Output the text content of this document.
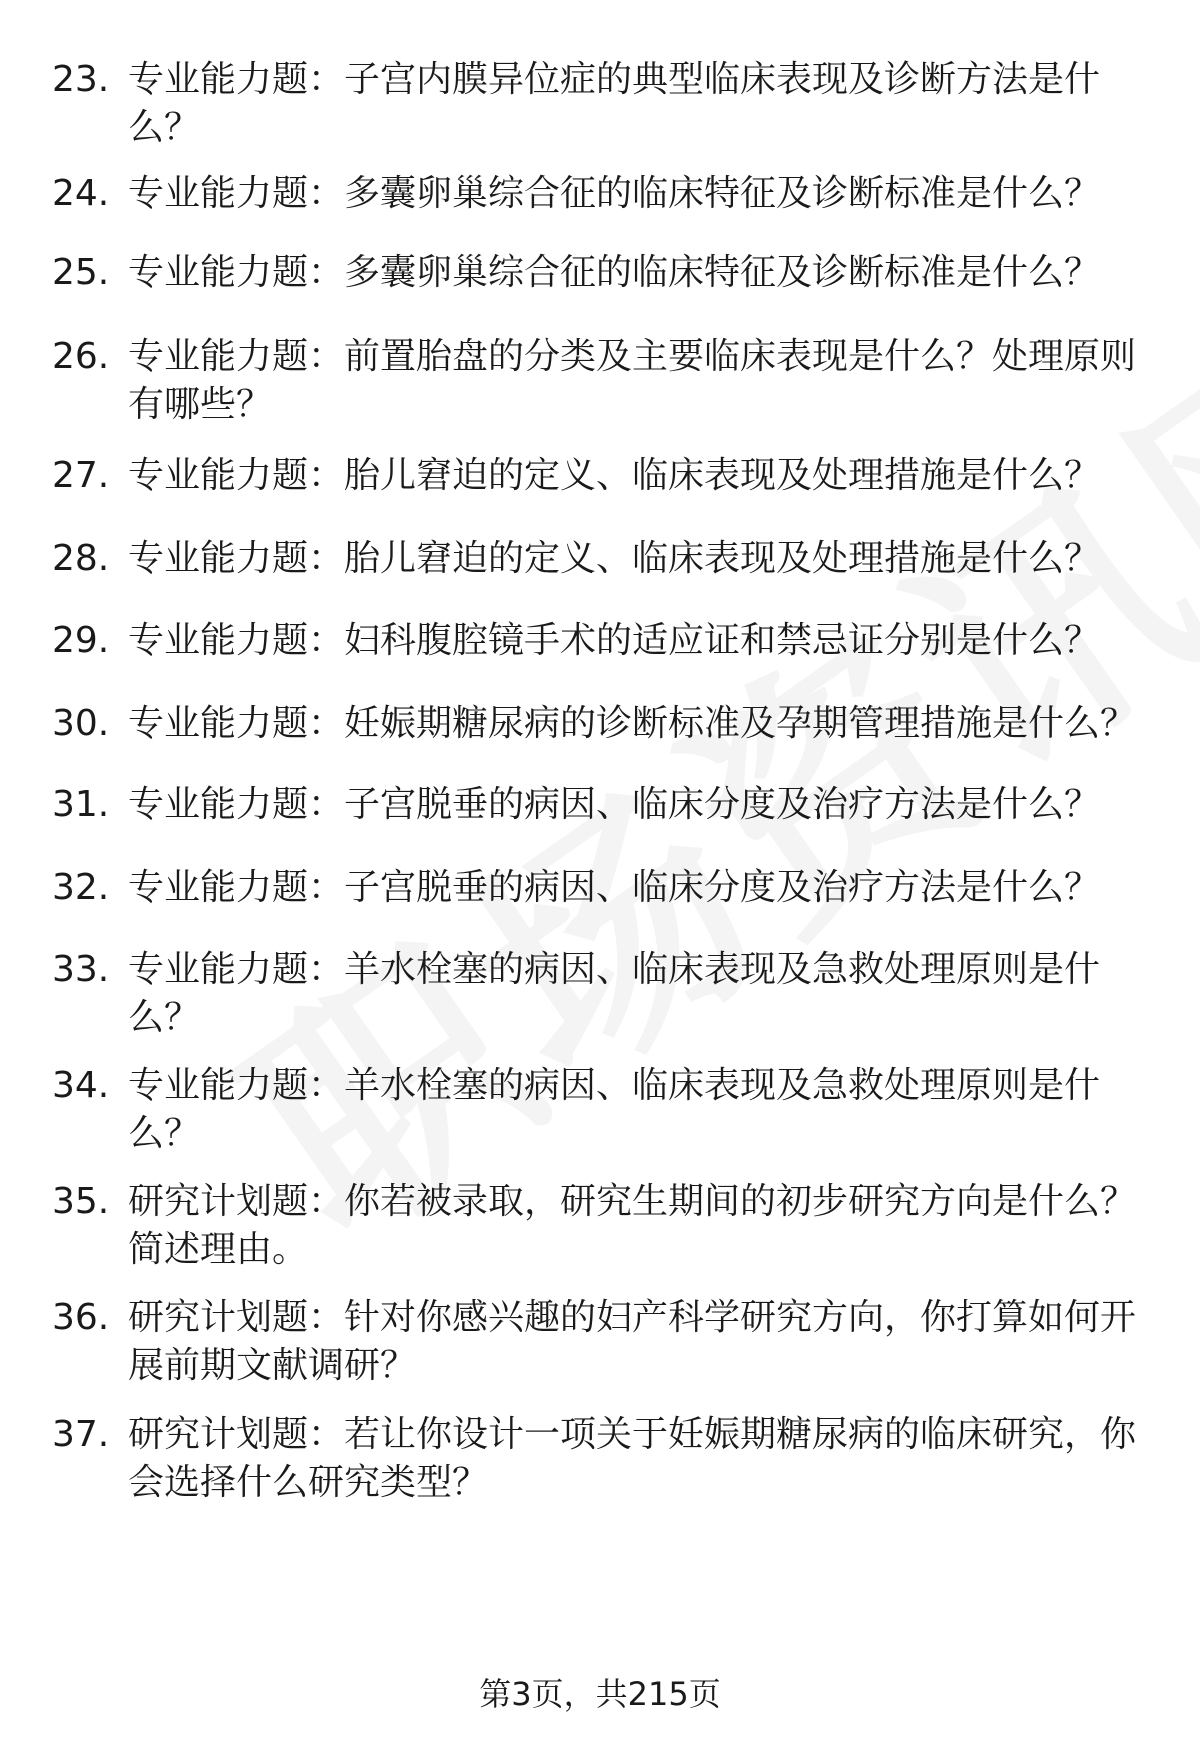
23. 专业能力题：子宫内膜异位症的典型临床表现及诊断方法是什么？
24. 专业能力题：多囊卵巢综合征的临床特征及诊断标准是什么？
25. 专业能力题：多囊卵巢综合征的临床特征及诊断标准是什么？
26. 专业能力题：前置胎盘的分类及主要临床表现是什么？处理原则有哪些？
27. 专业能力题：胎儿窘迫的定义、临床表现及处理措施是什么？
28. 专业能力题：胎儿窘迫的定义、临床表现及处理措施是什么？
29. 专业能力题：妇科腹腔镜手术的适应证和禁忌证分别是什么？
30. 专业能力题：妊娠期糖尿病的诊断标准及孕期管理措施是什么？
31. 专业能力题：子宫脱垂的病因、临床分度及治疗方法是什么？
32. 专业能力题：子宫脱垂的病因、临床分度及治疗方法是什么？
33. 专业能力题：羊水栓塞的病因、临床表现及急救处理原则是什么？
34. 专业能力题：羊水栓塞的病因、临床表现及急救处理原则是什么？
35. 研究计划题：你若被录取，研究生期间的初步研究方向是什么？简述理由。
36. 研究计划题：针对你感兴趣的妇产科学研究方向，你打算如何开展前期文献调研？
37. 研究计划题：若让你设计一项关于妊娠期糖尿病的临床研究，你会选择什么研究类型？
第3页，共215页
